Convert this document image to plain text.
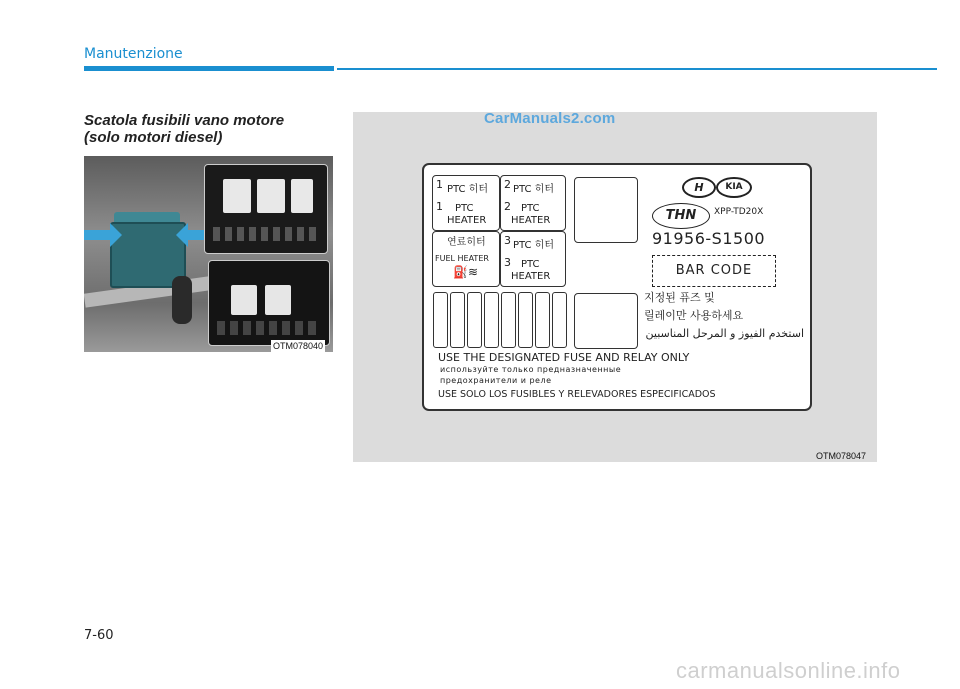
Manutenzione
Scatola fusibili vano motore
(solo motori diesel)
OTM078040
CarManuals2.com
1 PTC 히터
1 PTC
HEATER
2 PTC 히터
2 PTC
HEATER
연료히터
FUEL HEATER
⛽≋
3 PTC 히터
3 PTC
HEATER
H	KIA
THN	XPP-TD20X
91956-S1500
BAR CODE
지정된 퓨즈 및
릴레이만 사용하세요
استخدم الفيوز و المرحل المناسبين
USE THE DESIGNATED FUSE AND RELAY ONLY
используйте только предназначенные
предохранители и реле
USE SOLO LOS FUSIBLES Y RELEVADORES ESPECIFICADOS
OTM078047
7-60
carmanualsonline.info
